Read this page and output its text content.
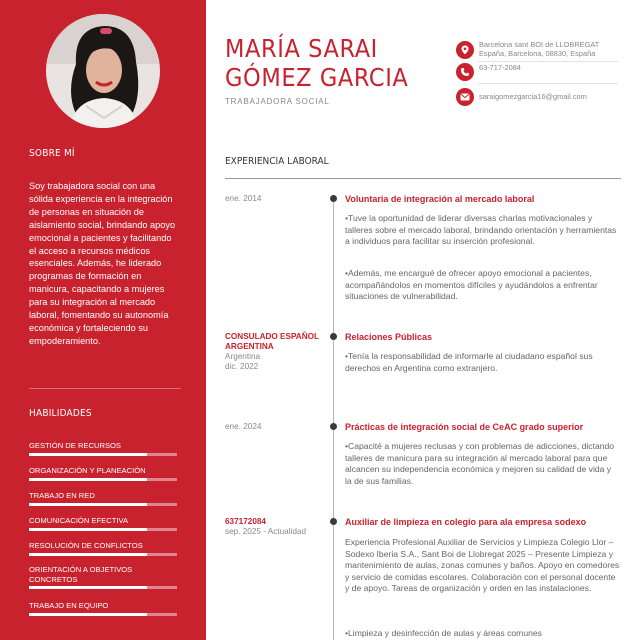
SOBRE MÍ
Soy trabajadora social con una sólida experiencia en la integración de personas en situación de aislamiento social, brindando apoyo emocional a pacientes y facilitando el acceso a recursos médicos esenciales. Además, he liderado programas de formación en manicura, capacitando a mujeres para su integración al mercado laboral, fomentando su autonomía económica y fortaleciendo su empoderamiento.
HABILIDADES
GESTIÓN DE RECURSOS
ORGANIZACIÓN Y PLANEACIÓN
TRABAJO EN RED
COMUNICACIÓN EFECTIVA
RESOLUCIÓN DE CONFLICTOS
ORIENTACIÓN A OBJETIVOS CONCRETOS
TRABAJO EN EQUIPO
MARÍA SARAI
GÓMEZ GARCIA
TRABAJADORA SOCIAL
Barcelona sant BOI de LLOBREGAT
España, Barcelona, 08830, España
63-717-2084
saraigomezgarcia16@gmail.com
EXPERIENCIA LABORAL
ene. 2014	Voluntaria de integración al mercado laboral
•Tuve la oportunidad de liderar diversas charlas motivacionales y talleres sobre el mercado laboral, brindando orientación y herramientas a individuos para facilitar su inserción profesional.
•Además, me encargué de ofrecer apoyo emocional a pacientes, acompañándolos en momentos difíciles y ayudándolos a enfrentar situaciones de vulnerabilidad.
CONSULADO ESPAÑOL ARGENTINA
Argentina
dic. 2022
Relaciones Públicas
•Tenía la responsabilidad de informarle al ciudadano español sus derechos en Argentina como extranjero.
ene. 2024	Prácticas de integración social de CeAC grado superior
•Capacité a mujeres reclusas y con problemas de adicciones, dictando talleres de manicura para su integración al mercado laboral para que alcancen su independencia económica y mejoren su calidad de vida y la de sus familias.
637172084
sep. 2025 - Actualidad
Auxiliar de limpieza en colegio para ala empresa sodexo
Experiencia Profesional Auxiliar de Servicios y Limpieza Colegio Llor – Sodexo Iberia S.A., Sant Boi de Llobregat 2025 – Presente Limpieza y mantenimiento de aulas, zonas comunes y baños. Apoyo en comedores y servicio de comidas escolares. Colaboración con el personal docente y de apoyo. Tareas de organización y orden en las instalaciones.
•Limpieza y desinfección de aulas y áreas comunes
